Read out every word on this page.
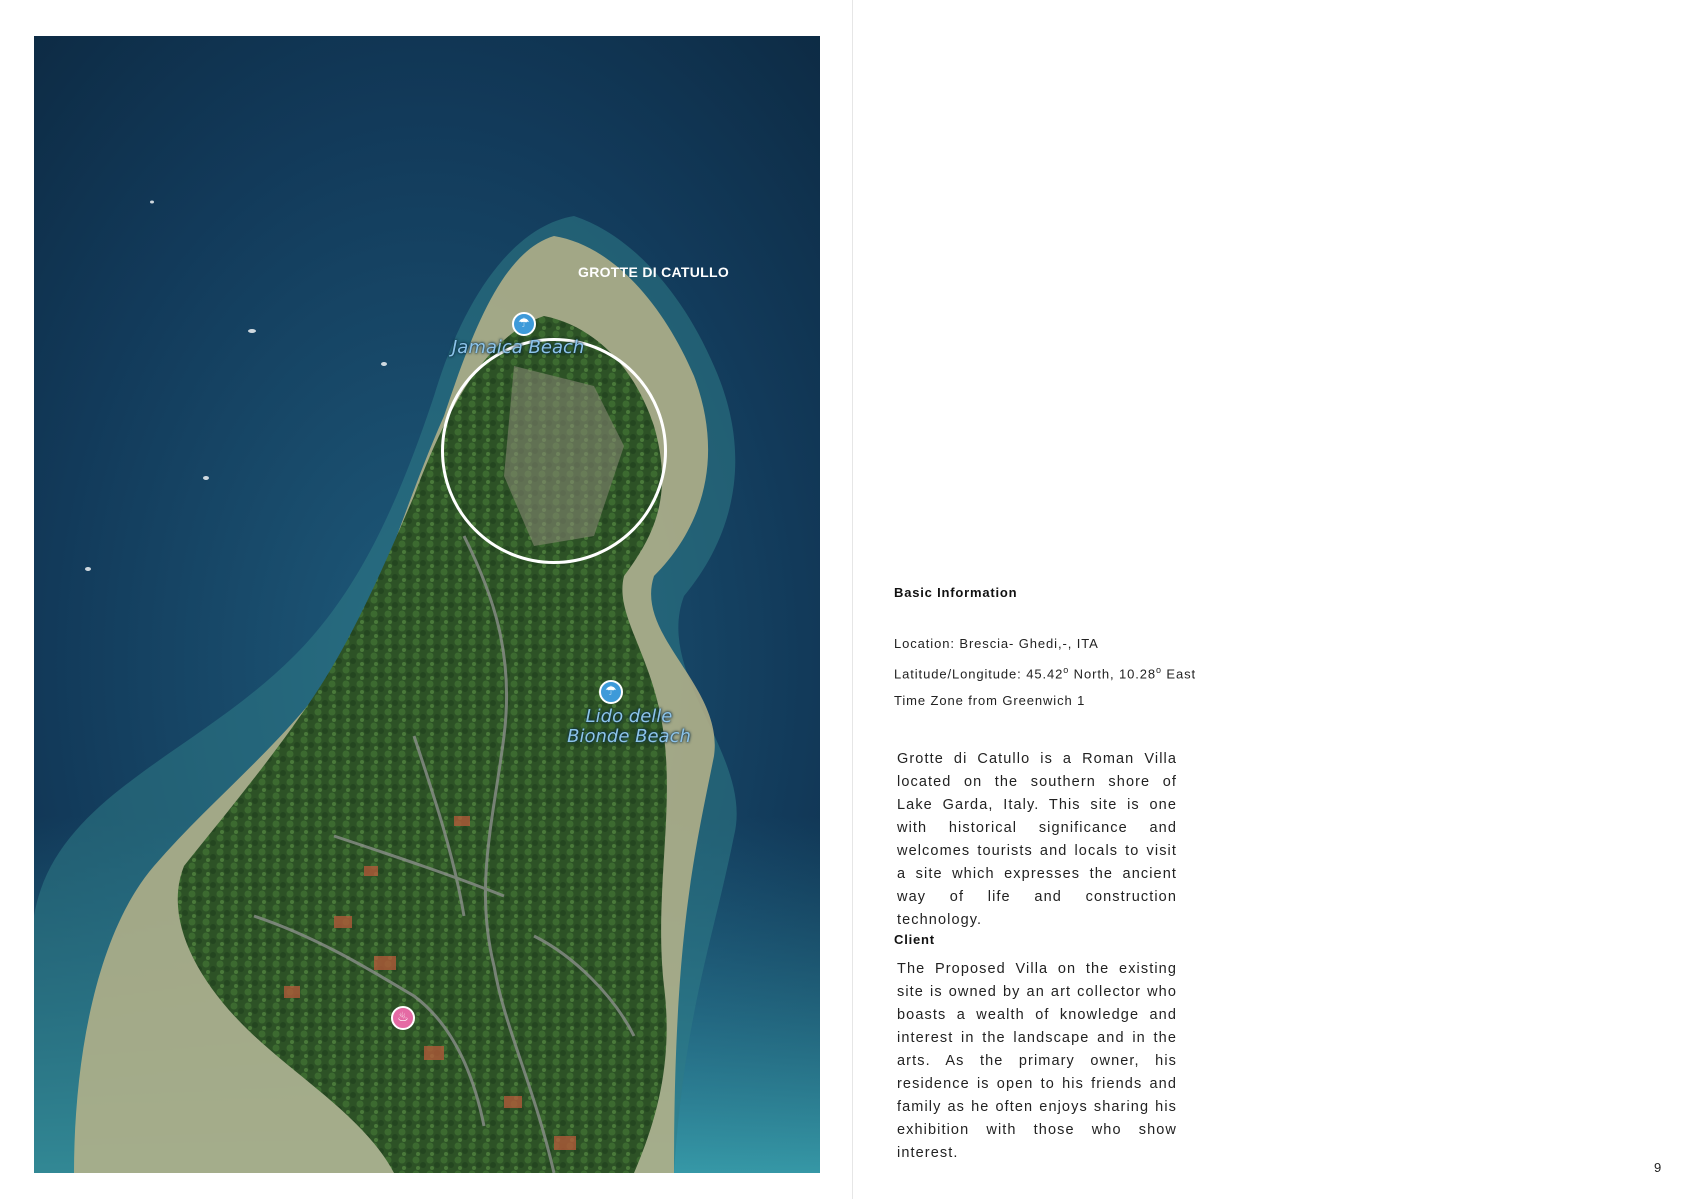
GROTTE DI CATULLO
☂
Jamaica Beach
☂
Lido delle
Bionde Beach
♨

Basic Information

Location: Brescia- Ghedi,-, ITA

Latitude/Longitude: 45.42$^o$ North, 10.28$^o$ East

Time Zone from Greenwich 1

Grotte di Catullo is a Roman Villa located on the southern shore of Lake Garda, Italy. This site is one with historical significance and welcomes tourists and locals to visit a site which expresses the ancient way of life and construction technology.

Client

The Proposed Villa on the existing site is owned by an art collector who boasts a wealth of knowledge and interest in the landscape and in the arts. As the primary owner, his residence is open to his friends and family as he often enjoys sharing his exhibition with those who show interest.

9
